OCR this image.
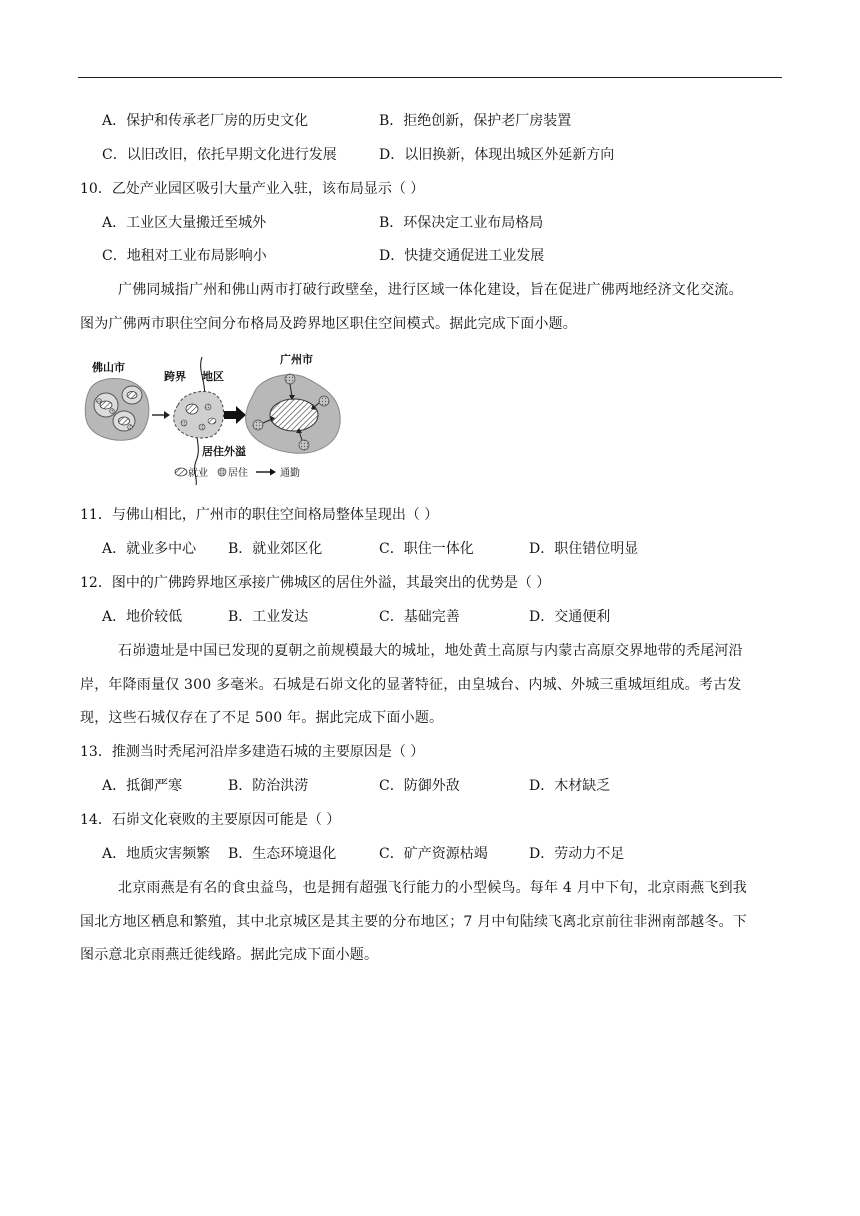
A．保护和传承老厂房的历史文化	B．拒绝创新，保护老厂房装置
C．以旧改旧，依托早期文化进行发展	D．以旧换新，体现出城区外延新方向
10．乙处产业园区吸引大量产业入驻，该布局显示（ ）
A．工业区大量搬迁至城外	B．环保决定工业布局格局
C．地租对工业布局影响小	D．快捷交通促进工业发展
广佛同城指广州和佛山两市打破行政壁垒，进行区域一体化建设，旨在促进广佛两地经济文化交流。
图为广佛两市职住空间分布格局及跨界地区职住空间模式。据此完成下面小题。
佛山市
跨界 地区
居住外溢
广州市
就业 居住	通勤
11．与佛山相比，广州市的职住空间格局整体呈现出（ ）
A．就业多中心 B．就业郊区化	C．职住一体化	D．职住错位明显
12．图中的广佛跨界地区承接广佛城区的居住外溢，其最突出的优势是（ ）
A．地价较低	B．工业发达	C．基础完善	D．交通便利
石峁遗址是中国已发现的夏朝之前规模最大的城址，地处黄土高原与内蒙古高原交界地带的秃尾河沿
岸，年降雨量仅 300 多毫米。石城是石峁文化的显著特征，由皇城台、内城、外城三重城垣组成。考古发
现，这些石城仅存在了不足 500 年。据此完成下面小题。
13．推测当时秃尾河沿岸多建造石城的主要原因是（ ）
A．抵御严寒	B．防治洪涝	C．防御外敌	D．木材缺乏
14．石峁文化衰败的主要原因可能是（ ）
A．地质灾害频繁 B．生态环境退化	C．矿产资源枯竭	D．劳动力不足
北京雨燕是有名的食虫益鸟，也是拥有超强飞行能力的小型候鸟。每年 4 月中下旬，北京雨燕飞到我
国北方地区栖息和繁殖，其中北京城区是其主要的分布地区；7 月中旬陆续飞离北京前往非洲南部越冬。下
图示意北京雨燕迁徙线路。据此完成下面小题。
